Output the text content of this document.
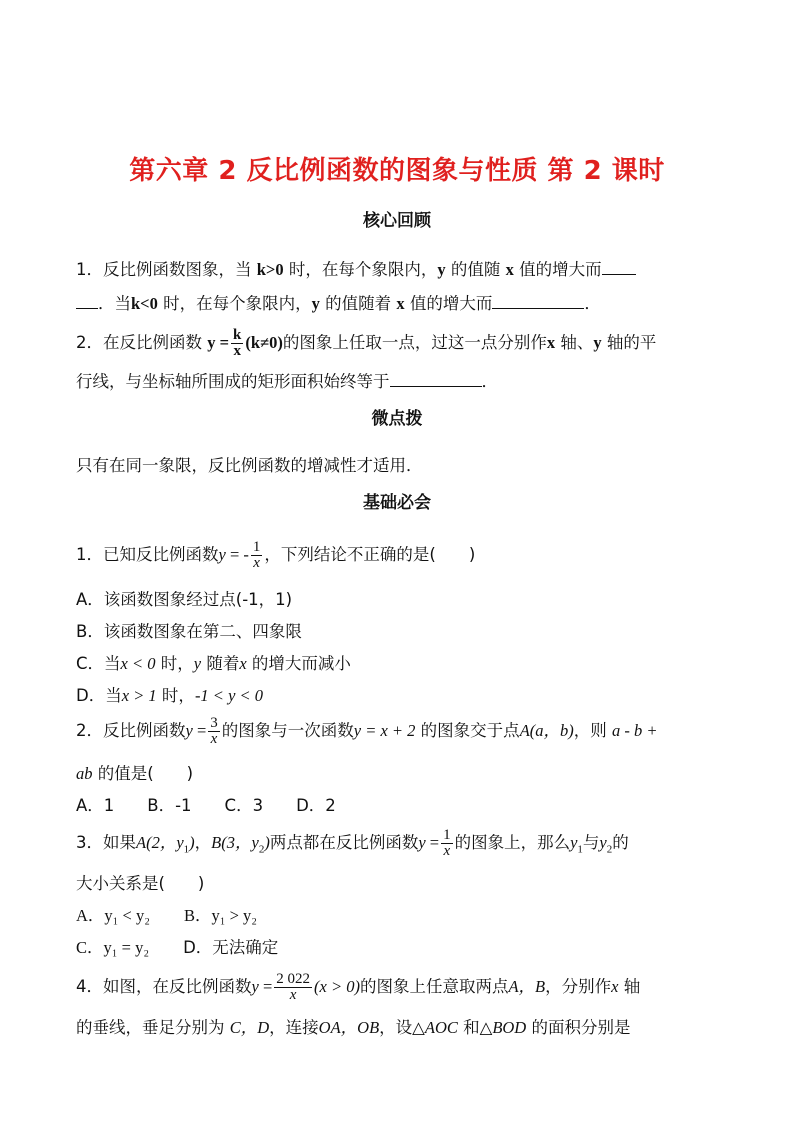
第六章 2 反比例函数的图象与性质 第 2 课时
核心回顾
1．反比例函数图象，当 k>0 时，在每个象限内，y 的值随 x 值的增大而
．当k<0 时，在每个象限内，y 的值随着 x 值的增大而	．
2．在反比例函数 $y = \frac{k}{x} (k\ne 0)$的图象上任取一点，过这一点分别作x 轴、y 轴的平
行线，与坐标轴所围成的矩形面积始终等于	．
微点拨
只有在同一象限，反比例函数的增减性才适用．
基础必会
1．已知反比例函数y = - $\frac{1}{x}$ ，下列结论不正确的是(　　)
A．该函数图象经过点(-1，1)
B．该函数图象在第二、四象限
C．当x < 0 时，y 随着x 的增大而减小
D．当x > 1 时，-1 < y < 0
2．反比例函数$y = \frac{3}{x}$ 的图象与一次函数y = x + 2 的图象交于点A(a，b)，则 a - b +
ab 的值是(　　)
A．1　　B．-1　　C．3　　D．2
3．如果A(2，$y_1$)，B(3，$y_2$)两点都在反比例函数$y = \frac{1}{x}$ 的图象上，那么$y_1$与$y_2$的
大小关系是(　　)
A．y₁ < y₂ B．y₁ > y₂
C．y₁ = y₂ D．无法确定
4．如图，在反比例函数$y = \frac{2 022}{x} (x > 0)$的图象上任意取两点A，B，分别作x 轴
的垂线，垂足分别为 C，D，连接OA，OB，设△AOC 和△BOD 的面积分别是
